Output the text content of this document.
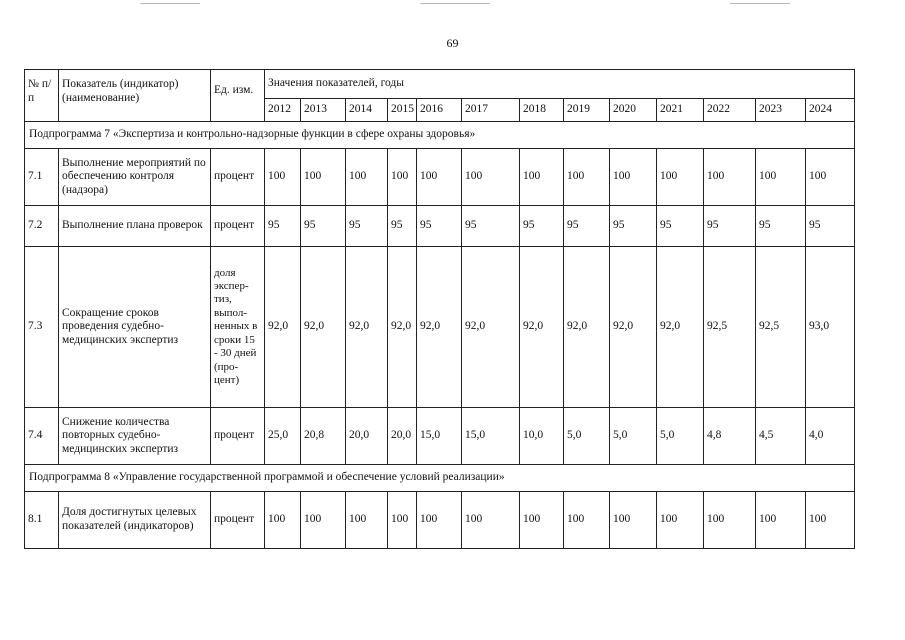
69
№ п/п	Показатель (индикатор) (наименование)	Ед. изм.	Значения показателей, годы												
			2012	2013	2014	2015	2016	2017	2018	2019	2020	2021	2022	2023	2024
Подпрограмма 7 «Экспертиза и контрольно-надзорные функции в сфере охраны здоровья»															
7.1	Выполнение мероприятий по обеспечению контроля (надзора)	процент	100	100	100	100	100	100	100	100	100	100	100	100	100
7.2	Выполнение плана проверок	процент	95	95	95	95	95	95	95	95	95	95	95	95	95
7.3	Сокращение сроков проведения судебно-медицинских экспертиз	доля экспер-тиз, выпол-ненных в сроки 15 - 30 дней (про-цент)	92,0	92,0	92,0	92,0	92,0	92,0	92,0	92,0	92,0	92,0	92,5	92,5	93,0
7.4	Снижение количества повторных судебно-медицинских экспертиз	процент	25,0	20,8	20,0	20,0	15,0	15,0	10,0	5,0	5,0	5,0	4,8	4,5	4,0
Подпрограмма 8 «Управление государственной программой и обеспечение условий реализации»															
8.1	Доля достигнутых целевых показателей (индикаторов)	процент	100	100	100	100	100	100	100	100	100	100	100	100	100
